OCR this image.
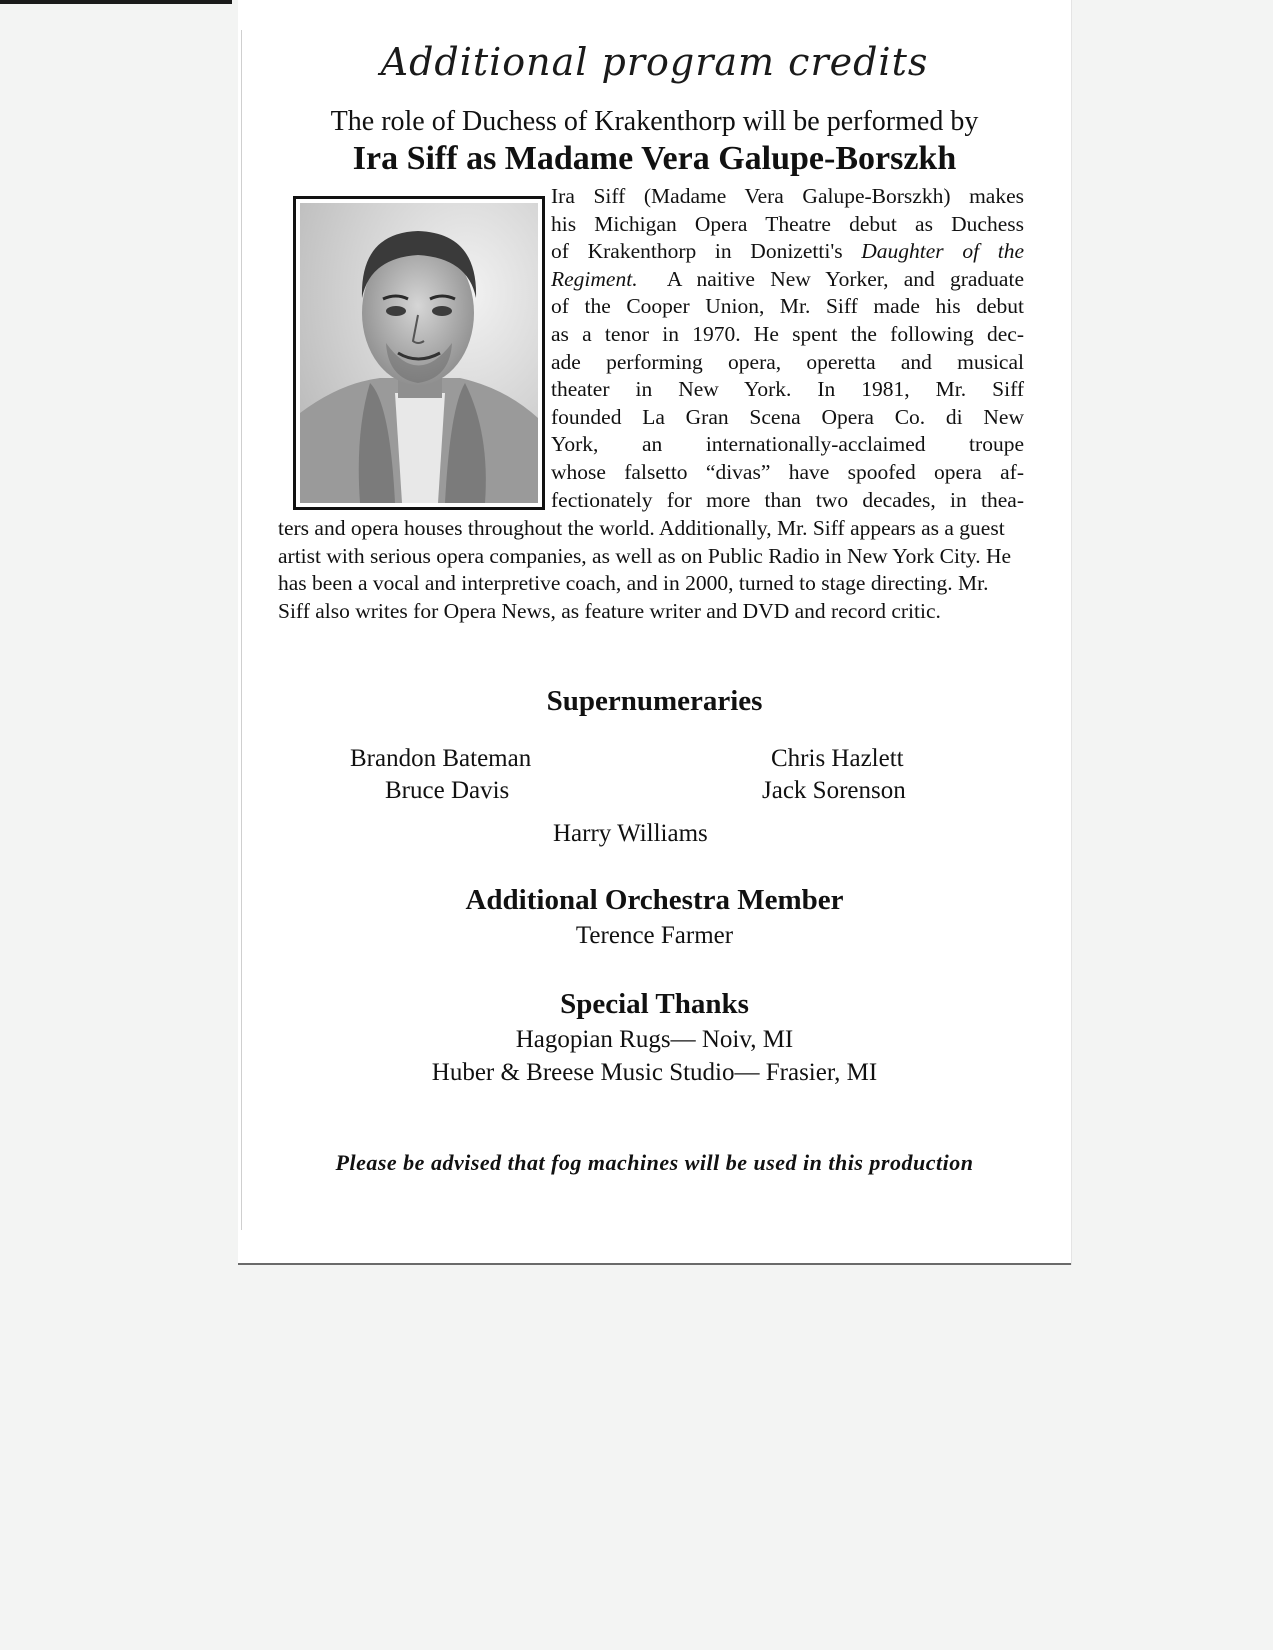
Additional program credits
The role of Duchess of Krakenthorp will be performed by
Ira Siff as Madame Vera Galupe-Borszkh
Ira Siff (Madame Vera Galupe-Borszkh) makes
his Michigan Opera Theatre debut as Duchess
of Krakenthorp in Donizetti's Daughter of the
Regiment. A naitive New Yorker, and graduate
of the Cooper Union, Mr. Siff made his debut
as a tenor in 1970. He spent the following dec-
ade performing opera, operetta and musical
theater in New York. In 1981, Mr. Siff
founded La Gran Scena Opera Co. di New
York, an internationally-acclaimed troupe
whose falsetto “divas” have spoofed opera af-
fectionately for more than two decades, in thea-
ters and opera houses throughout the world. Additionally, Mr. Siff appears as a guest artist with serious opera companies, as well as on Public Radio in New York City. He has been a vocal and interpretive coach, and in 2000, turned to stage directing. Mr. Siff also writes for Opera News, as feature writer and DVD and record critic.
Supernumeraries
Brandon Bateman
Bruce Davis
Chris Hazlett
Jack Sorenson
Harry Williams
Additional Orchestra Member
Terence Farmer
Special Thanks
Hagopian Rugs— Noiv, MI
Huber & Breese Music Studio— Frasier, MI
Please be advised that fog machines will be used in this production
